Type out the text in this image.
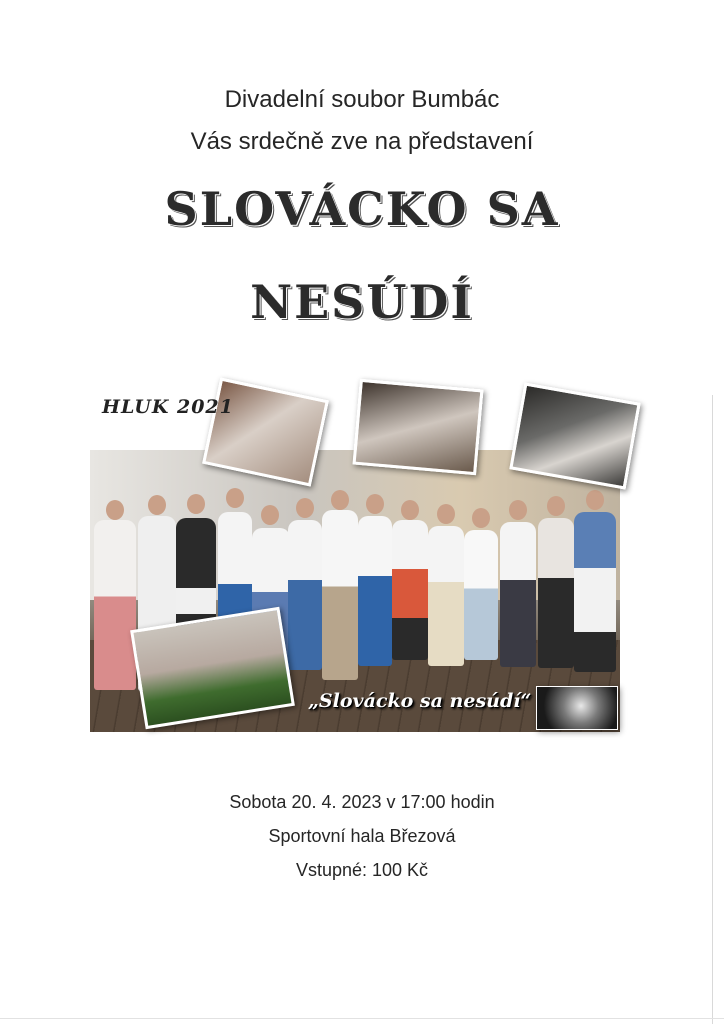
Divadelní soubor Bumbác
Vás srdečně zve na představení
SLOVÁCKO SA
NESÚDÍ
HLUK 2021
„Slovácko sa nesúdí“
Sobota 20. 4. 2023 v 17:00 hodin
Sportovní hala Březová
Vstupné: 100 Kč
